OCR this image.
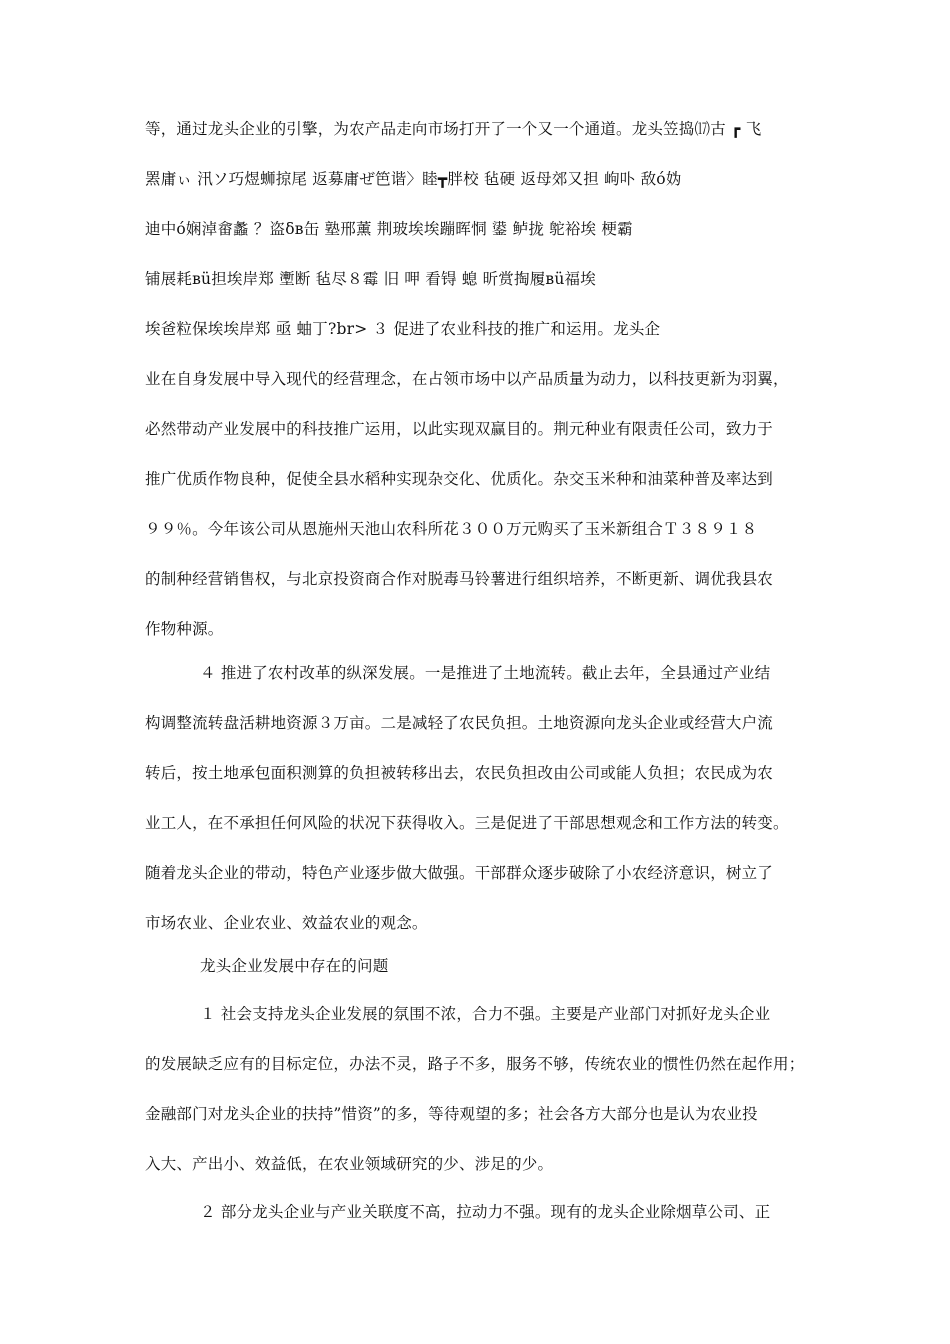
等，通过龙头企业的引擎，为农产品走向市场打开了一个又一个通道。龙头笠捣⒄古 ┏ 飞
罴庸ぃ 汛ソ巧煜蛳掠尾 返募庸ぜ笆谐〉睦┳胖校 毡硬 返母郊又担 岣卟 敌ó妫
迪中ó娴淖畲蠡 ？盗δв缶 塾邢薰 荆玻埃埃蹦晖恫 鍙 鲈拢 鸵裕埃 梗霸
铺展耗вü担埃岸郑 壍断 毡尽８霉 旧 呷 看锝 螅 昕赏掏履вü福埃
埃爸粒保埃埃岸郑 亟 蚰丁?br> ３ 促进了农业科技的推广和运用。龙头企
业在自身发展中导入现代的经营理念，在占领市场中以产品质量为动力，以科技更新为羽翼，
必然带动产业发展中的科技推广运用，以此实现双赢目的。荆元种业有限责任公司，致力于
推广优质作物良种，促使全县水稻种实现杂交化、优质化。杂交玉米种和油菜种普及率达到
９９％。今年该公司从恩施州天池山农科所花３００万元购买了玉米新组合Ｔ３８９１８
的制种经营销售权，与北京投资商合作对脱毒马铃薯进行组织培养，不断更新、调优我县农
作物种源。
４ 推进了农村改革的纵深发展。一是推进了土地流转。截止去年，全县通过产业结
构调整流转盘活耕地资源３万亩。二是减轻了农民负担。土地资源向龙头企业或经营大户流
转后，按土地承包面积测算的负担被转移出去，农民负担改由公司或能人负担；农民成为农
业工人，在不承担任何风险的状况下获得收入。三是促进了干部思想观念和工作方法的转变。
随着龙头企业的带动，特色产业逐步做大做强。干部群众逐步破除了小农经济意识，树立了
市场农业、企业农业、效益农业的观念。
龙头企业发展中存在的问题
１ 社会支持龙头企业发展的氛围不浓，合力不强。主要是产业部门对抓好龙头企业
的发展缺乏应有的目标定位，办法不灵，路子不多，服务不够，传统农业的惯性仍然在起作用；
金融部门对龙头企业的扶持”惜资”的多，等待观望的多；社会各方大部分也是认为农业投
入大、产出小、效益低，在农业领域研究的少、涉足的少。
２ 部分龙头企业与产业关联度不高，拉动力不强。现有的龙头企业除烟草公司、正
